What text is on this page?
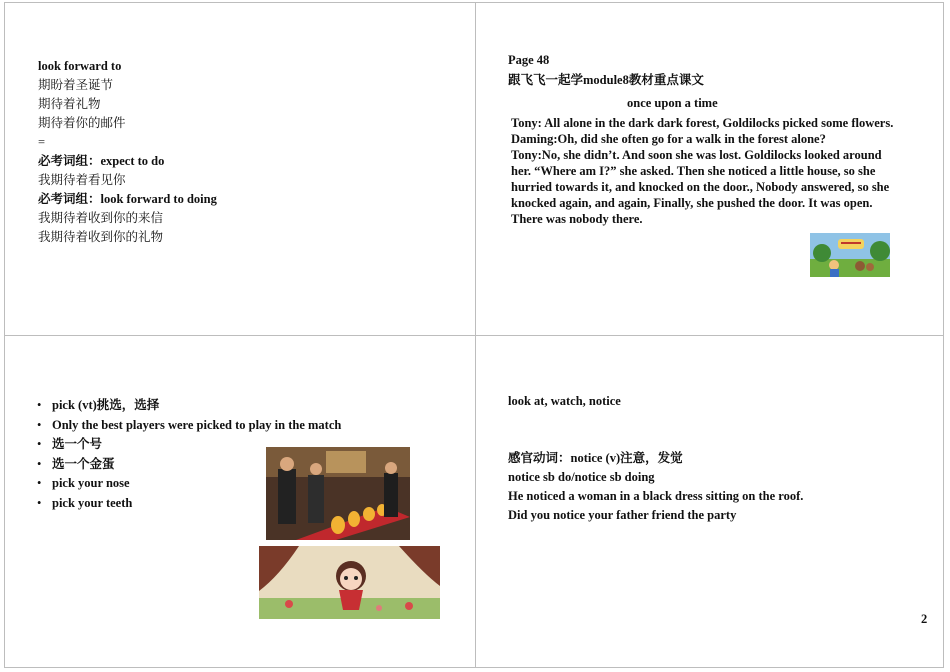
look forward to
期盼着圣诞节
期待着礼物
期待着你的邮件
=
必考词组：expect to do
我期待着看见你
必考词组：look forward to doing
我期待着收到你的来信
我期待着收到你的礼物
Page 48
跟飞飞一起学module8教材重点课文
once upon a time

Tony: All alone in the dark dark forest, Goldilocks picked some flowers.

Daming:Oh, did she often go for a walk in the forest alone?

Tony:No, she didn’t. And soon she was lost. Goldilocks looked around her. “Where am I?” she asked. Then she noticed a little house, so she hurried towards it, and knocked on the door., Nobody answered, so she knocked again, and again, Finally, she pushed the door. It was open. There was nobody there.

• pick (vt)挑选，选择
• Only the best players were picked to play in the match
• 选一个号
• 选一个金蛋
• pick your nose
• pick your teeth
look at, watch, notice
感官动词：notice (v)注意，发觉
notice sb do/notice sb doing
He noticed a woman in a black dress sitting on the roof.
Did you notice your father friend the party
2
